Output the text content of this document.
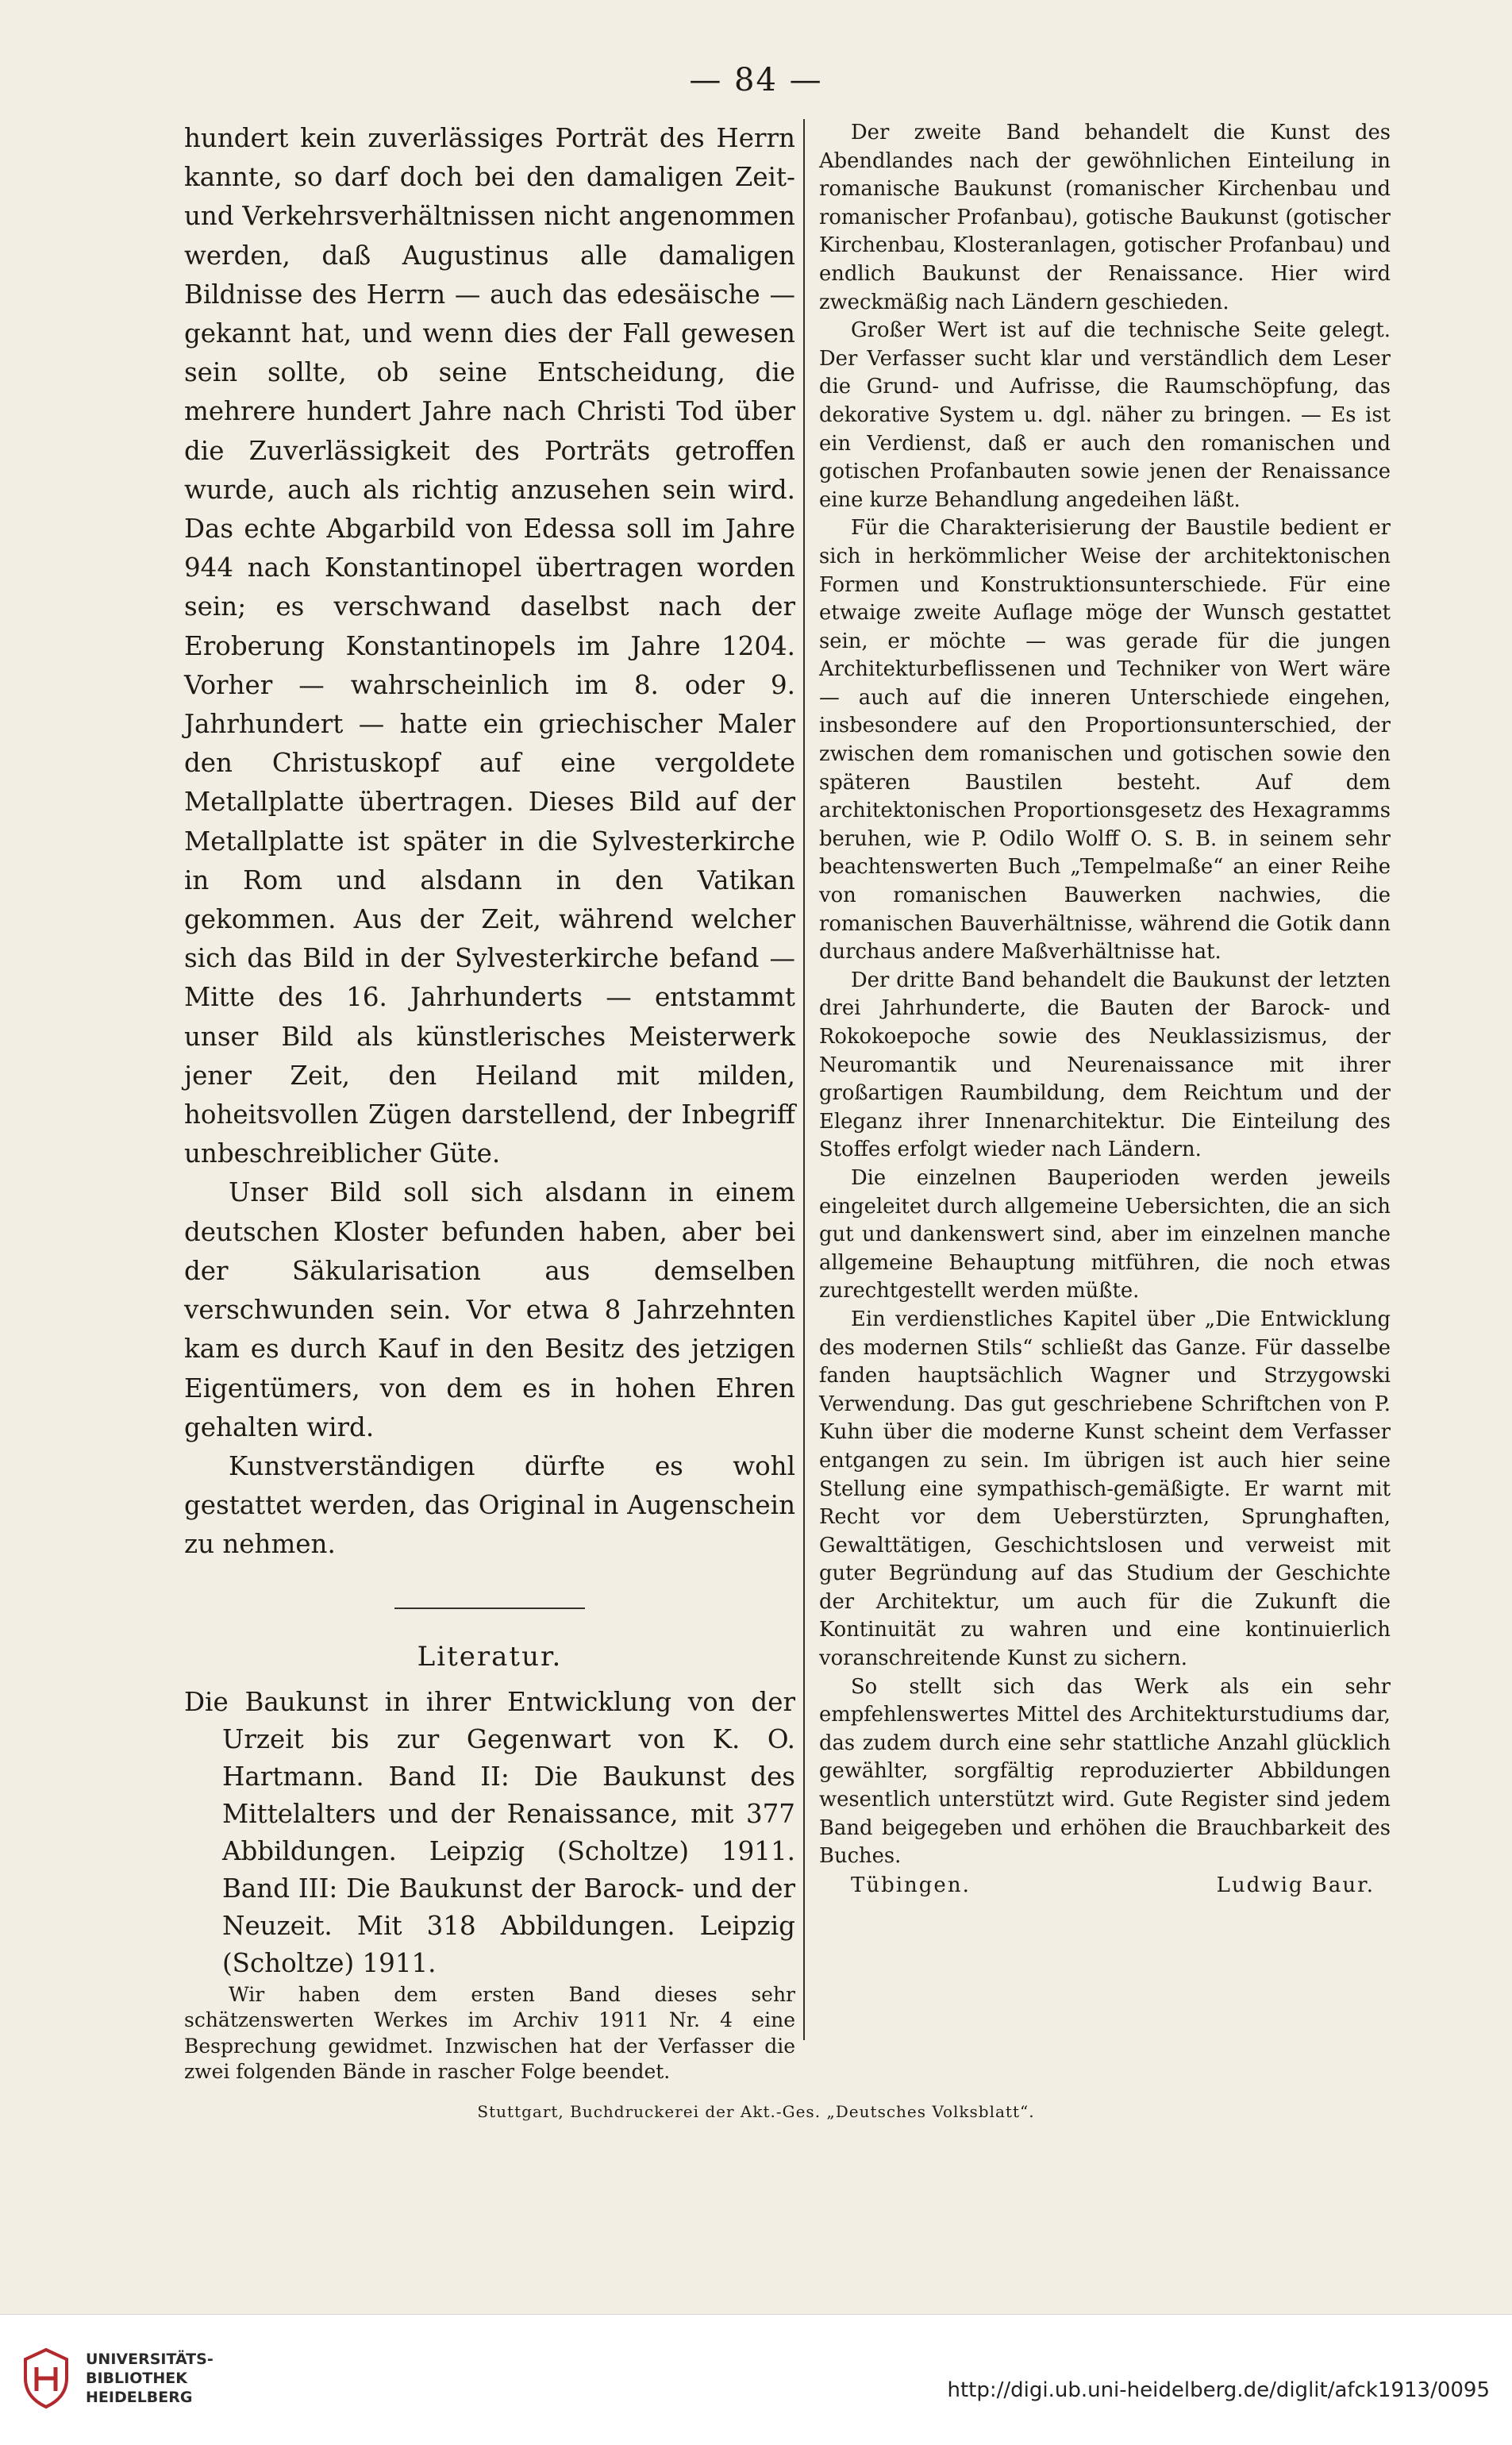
— 84 —

hundert kein zuverlässiges Porträt des Herrn kannte, so darf doch bei den damaligen Zeit- und Verkehrsverhältnissen nicht angenommen werden, daß Augustinus alle damaligen Bildnisse des Herrn — auch das edesäische — gekannt hat, und wenn dies der Fall gewesen sein sollte, ob seine Entscheidung, die mehrere hundert Jahre nach Christi Tod über die Zuverlässigkeit des Porträts getroffen wurde, auch als richtig anzusehen sein wird. Das echte Abgarbild von Edessa soll im Jahre 944 nach Konstantinopel übertragen worden sein; es verschwand daselbst nach der Eroberung Konstantinopels im Jahre 1204. Vorher — wahrscheinlich im 8. oder 9. Jahrhundert — hatte ein griechischer Maler den Christuskopf auf eine vergoldete Metallplatte übertragen. Dieses Bild auf der Metallplatte ist später in die Sylvesterkirche in Rom und alsdann in den Vatikan gekommen. Aus der Zeit, während welcher sich das Bild in der Sylvesterkirche befand — Mitte des 16. Jahrhunderts — entstammt unser Bild als künstlerisches Meisterwerk jener Zeit, den Heiland mit milden, hoheitsvollen Zügen darstellend, der Inbegriff unbeschreiblicher Güte.

Unser Bild soll sich alsdann in einem deutschen Kloster befunden haben, aber bei der Säkularisation aus demselben verschwunden sein. Vor etwa 8 Jahrzehnten kam es durch Kauf in den Besitz des jetzigen Eigentümers, von dem es in hohen Ehren gehalten wird.

Kunstverständigen dürfte es wohl gestattet werden, das Original in Augenschein zu nehmen.

Literatur.

Die Baukunst in ihrer Entwicklung von der Urzeit bis zur Gegenwart von K. O. Hartmann. Band II: Die Baukunst des Mittelalters und der Renaissance, mit 377 Abbildungen. Leipzig (Scholtze) 1911. Band III: Die Baukunst der Barock- und der Neuzeit. Mit 318 Abbildungen. Leipzig (Scholtze) 1911.

Wir haben dem ersten Band dieses sehr schätzenswerten Werkes im Archiv 1911 Nr. 4 eine Besprechung gewidmet. Inzwischen hat der Verfasser die zwei folgenden Bände in rascher Folge beendet.

Der zweite Band behandelt die Kunst des Abendlandes nach der gewöhnlichen Einteilung in romanische Baukunst (romanischer Kirchenbau und romanischer Profanbau), gotische Baukunst (gotischer Kirchenbau, Klosteranlagen, gotischer Profanbau) und endlich Baukunst der Renaissance. Hier wird zweckmäßig nach Ländern geschieden.

Großer Wert ist auf die technische Seite gelegt. Der Verfasser sucht klar und verständlich dem Leser die Grund- und Aufrisse, die Raumschöpfung, das dekorative System u. dgl. näher zu bringen. — Es ist ein Verdienst, daß er auch den romanischen und gotischen Profanbauten sowie jenen der Renaissance eine kurze Behandlung angedeihen läßt.

Für die Charakterisierung der Baustile bedient er sich in herkömmlicher Weise der architektonischen Formen und Konstruktionsunterschiede. Für eine etwaige zweite Auflage möge der Wunsch gestattet sein, er möchte — was gerade für die jungen Architekturbeflissenen und Techniker von Wert wäre — auch auf die inneren Unterschiede eingehen, insbesondere auf den Proportionsunterschied, der zwischen dem romanischen und gotischen sowie den späteren Baustilen besteht. Auf dem architektonischen Proportionsgesetz des Hexagramms beruhen, wie P. Odilo Wolff O. S. B. in seinem sehr beachtenswerten Buch „Tempelmaße“ an einer Reihe von romanischen Bauwerken nachwies, die romanischen Bauverhältnisse, während die Gotik dann durchaus andere Maßverhältnisse hat.

Der dritte Band behandelt die Baukunst der letzten drei Jahrhunderte, die Bauten der Barock- und Rokokoepoche sowie des Neuklassizismus, der Neuromantik und Neurenaissance mit ihrer großartigen Raumbildung, dem Reichtum und der Eleganz ihrer Innenarchitektur. Die Einteilung des Stoffes erfolgt wieder nach Ländern.

Die einzelnen Bauperioden werden jeweils eingeleitet durch allgemeine Uebersichten, die an sich gut und dankenswert sind, aber im einzelnen manche allgemeine Behauptung mitführen, die noch etwas zurechtgestellt werden müßte.

Ein verdienstliches Kapitel über „Die Entwicklung des modernen Stils“ schließt das Ganze. Für dasselbe fanden hauptsächlich Wagner und Strzygowski Verwendung. Das gut geschriebene Schriftchen von P. Kuhn über die moderne Kunst scheint dem Verfasser entgangen zu sein. Im übrigen ist auch hier seine Stellung eine sympathisch-gemäßigte. Er warnt mit Recht vor dem Ueberstürzten, Sprunghaften, Gewalttätigen, Geschichtslosen und verweist mit guter Begründung auf das Studium der Geschichte der Architektur, um auch für die Zukunft die Kontinuität zu wahren und eine kontinuierlich voranschreitende Kunst zu sichern.

So stellt sich das Werk als ein sehr empfehlenswertes Mittel des Architekturstudiums dar, das zudem durch eine sehr stattliche Anzahl glücklich gewählter, sorgfältig reproduzierter Abbildungen wesentlich unterstützt wird. Gute Register sind jedem Band beigegeben und erhöhen die Brauchbarkeit des Buches.

Tübingen.	Ludwig Baur.
Stuttgart, Buchdruckerei der Akt.-Ges. „Deutsches Volksblatt“.
UNIVERSITÄTS-
BIBLIOTHEK
HEIDELBERG	http://digi.ub.uni-heidelberg.de/diglit/afck1913/0095
